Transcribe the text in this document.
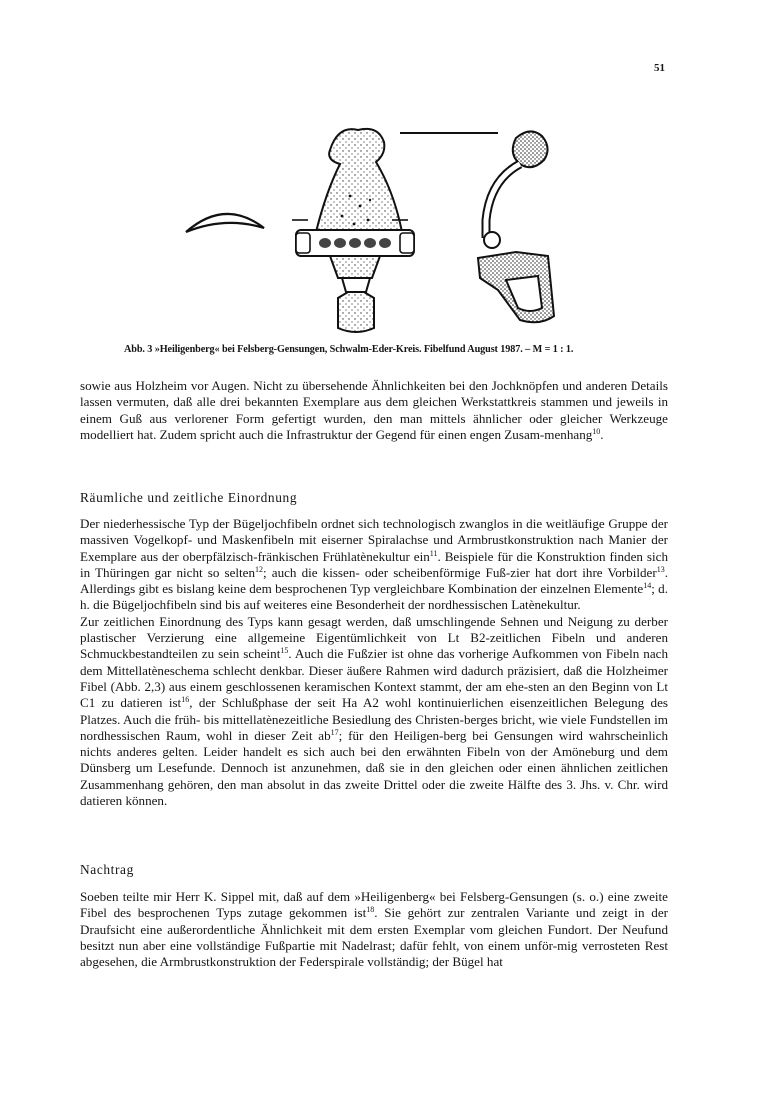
51
Abb. 3 »Heiligenberg« bei Felsberg-Gensungen, Schwalm-Eder-Kreis. Fibelfund August 1987. – M = 1 : 1.

sowie aus Holzheim vor Augen. Nicht zu übersehende Ähnlichkeiten bei den Jochknöpfen und anderen Details lassen vermuten, daß alle drei bekannten Exemplare aus dem gleichen Werkstattkreis stammen und jeweils in einem Guß aus verlorener Form gefertigt wurden, den man mittels ähnlicher oder gleicher Werkzeuge modelliert hat. Zudem spricht auch die Infrastruktur der Gegend für einen engen Zusam-menhang$^{10}$.

Räumliche und zeitliche Einordnung

Der niederhessische Typ der Bügeljochfibeln ordnet sich technologisch zwanglos in die weitläufige Gruppe der massiven Vogelkopf- und Maskenfibeln mit eiserner Spiralachse und Armbrustkonstruktion nach Manier der Exemplare aus der oberpfälzisch-fränkischen Frühlatènekultur ein$^{11}$. Beispiele für die Konstruktion finden sich in Thüringen gar nicht so selten$^{12}$; auch die kissen- oder scheibenförmige Fuß-zier hat dort ihre Vorbilder$^{13}$. Allerdings gibt es bislang keine dem besprochenen Typ vergleichbare Kombination der einzelnen Elemente$^{14}$; d. h. die Bügeljochfibeln sind bis auf weiteres eine Besonderheit der nordhessischen Latènekultur.

Zur zeitlichen Einordnung des Typs kann gesagt werden, daß umschlingende Sehnen und Neigung zu derber plastischer Verzierung eine allgemeine Eigentümlichkeit von Lt B2-zeitlichen Fibeln und anderen Schmuckbestandteilen zu sein scheint$^{15}$. Auch die Fußzier ist ohne das vorherige Aufkommen von Fibeln nach dem Mittellatèneschema schlecht denkbar. Dieser äußere Rahmen wird dadurch präzisiert, daß die Holzheimer Fibel (Abb. 2,3) aus einem geschlossenen keramischen Kontext stammt, der am ehe-sten an den Beginn von Lt C1 zu datieren ist$^{16}$, der Schlußphase der seit Ha A2 wohl kontinuierlichen eisenzeitlichen Belegung des Platzes. Auch die früh- bis mittellatènezeitliche Besiedlung des Christen-berges bricht, wie viele Fundstellen im nordhessischen Raum, wohl in dieser Zeit $ab^{17}$; für den Heiligen-berg bei Gensungen wird wahrscheinlich nichts anderes gelten. Leider handelt es sich auch bei den erwähnten Fibeln von der Amöneburg und dem Dünsberg um Lesefunde. Dennoch ist anzunehmen, daß sie in den gleichen oder einen ähnlichen zeitlichen Zusammenhang gehören, den man absolut in das zweite Drittel oder die zweite Hälfte des 3. Jhs. v. Chr. wird datieren können.

Nachtrag

Soeben teilte mir Herr K. Sippel mit, daß auf dem »Heiligenberg« bei Felsberg-Gensungen (s. o.) eine zweite Fibel des besprochenen Typs zutage gekommen ist$^{18}$. Sie gehört zur zentralen Variante und zeigt in der Draufsicht eine außerordentliche Ähnlichkeit mit dem ersten Exemplar vom gleichen Fundort. Der Neufund besitzt nun aber eine vollständige Fußpartie mit Nadelrast; dafür fehlt, von einem unför-mig verrosteten Rest abgesehen, die Armbrustkonstruktion der Federspirale vollständig; der Bügel hat
